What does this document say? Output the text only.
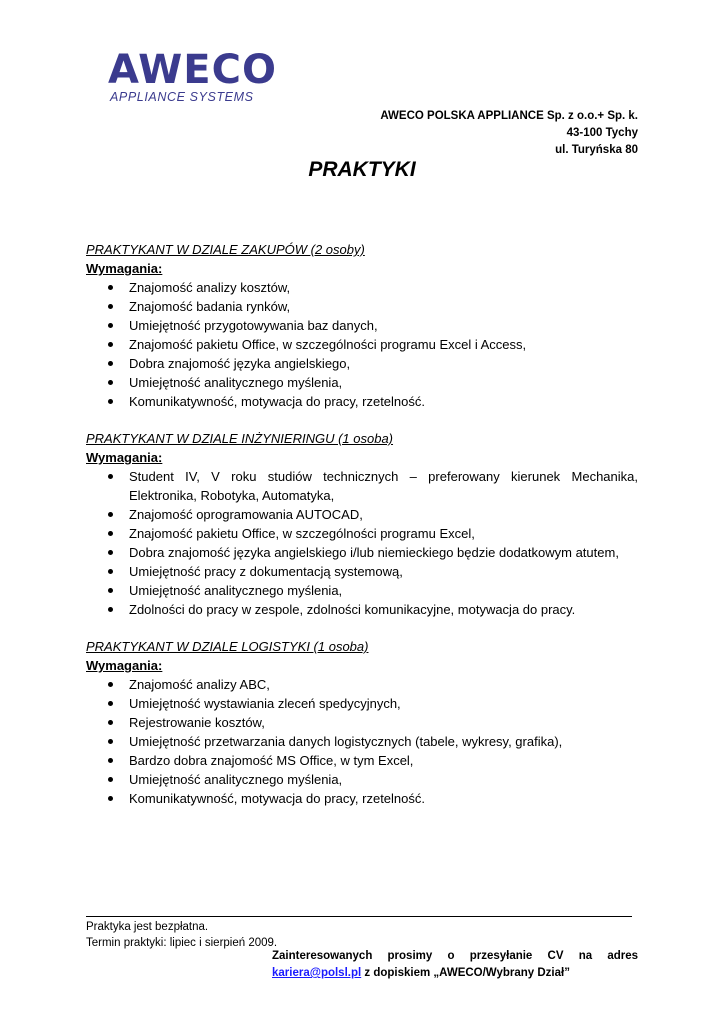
AWECO
APPLIANCE SYSTEMS
AWECO POLSKA APPLIANCE Sp. z o.o.+ Sp. k.
43-100 Tychy
ul. Turyńska 80
PRAKTYKI
PRAKTYKANT W DZIALE ZAKUPÓW (2 osoby)
Wymagania:
Znajomość analizy kosztów,
Znajomość badania rynków,
Umiejętność przygotowywania baz danych,
Znajomość pakietu Office, w szczególności programu Excel i Access,
Dobra znajomość języka angielskiego,
Umiejętność analitycznego myślenia,
Komunikatywność, motywacja do pracy, rzetelność.
PRAKTYKANT W DZIALE INŻYNIERINGU (1 osoba)
Wymagania:
Student IV, V roku studiów technicznych – preferowany kierunek Mechanika, Elektronika, Robotyka, Automatyka,
Znajomość oprogramowania AUTOCAD,
Znajomość pakietu Office, w szczególności programu Excel,
Dobra znajomość języka angielskiego i/lub niemieckiego będzie dodatkowym atutem,
Umiejętność pracy z dokumentacją systemową,
Umiejętność analitycznego myślenia,
Zdolności do pracy w zespole, zdolności komunikacyjne, motywacja do pracy.
PRAKTYKANT W DZIALE LOGISTYKI (1 osoba)
Wymagania:
Znajomość analizy ABC,
Umiejętność wystawiania zleceń spedycyjnych,
Rejestrowanie kosztów,
Umiejętność przetwarzania danych logistycznych (tabele, wykresy, grafika),
Bardzo dobra znajomość MS Office, w tym Excel,
Umiejętność analitycznego myślenia,
Komunikatywność, motywacja do pracy, rzetelność.
Praktyka jest bezpłatna.
Termin praktyki: lipiec i sierpień 2009.
Zainteresowanych prosimy o przesyłanie CV na adres
kariera@polsl.pl z dopiskiem „AWECO/Wybrany Dział”
